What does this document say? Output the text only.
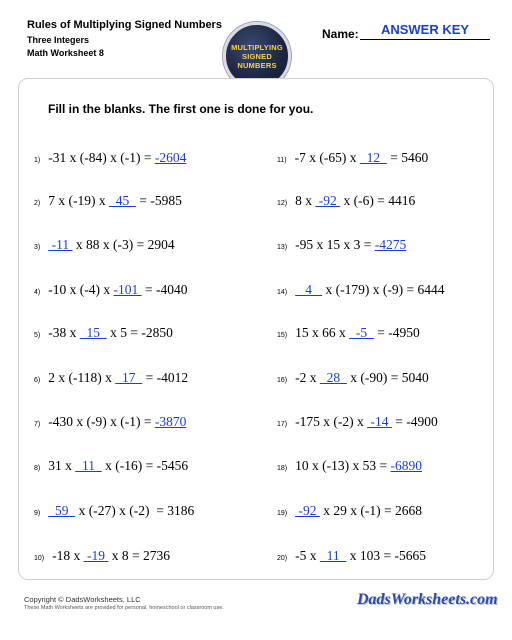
Rules of Multiplying Signed Numbers
Three Integers
Math Worksheet 8
MULTIPLYING
SIGNED
NUMBERS
Name:	ANSWER KEY
Fill in the blanks. The first one is done for you.
1) -31 x (-84) x (-1) = -2604
2) 7 x (-19) x 45 = -5985
3) -11 x 88 x (-3) = 2904
4) -10 x (-4) x -101 = -4040
5) -38 x 15 x 5 = -2850
6) 2 x (-118) x 17 = -4012
7) -430 x (-9) x (-1) = -3870
8) 31 x 11 x (-16) = -5456
9) 59 x (-27) x (-2)  = 3186
10) -18 x -19 x 8 = 2736
11) -7 x (-65) x 12 = 5460
12) 8 x -92 x (-6) = 4416
13) -95 x 15 x 3 = -4275
14) 4 x (-179) x (-9) = 6444
15) 15 x 66 x -5 = -4950
16) -2 x 28 x (-90) = 5040
17) -175 x (-2) x -14 = -4900
18) 10 x (-13) x 53 = -6890
19) -92 x 29 x (-1) = 2668
20) -5 x 11 x 103 = -5665
Copyright © DadsWorksheets, LLC
These Math Worksheets are provided for personal, homeschool or classroom use.	DadsWorksheets.com
